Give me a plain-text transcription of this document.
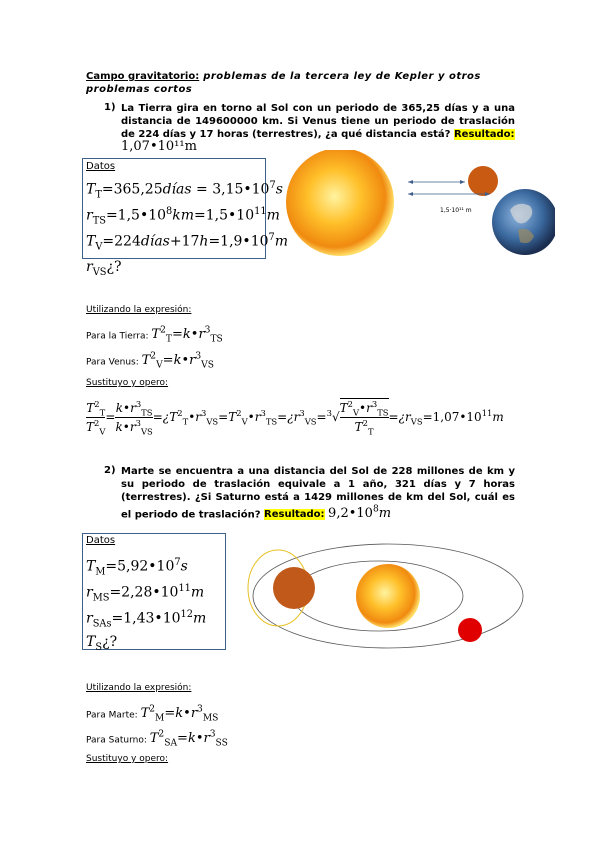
Campo gravitatorio: problemas de la tercera ley de Kepler y otros problemas cortos
1) La Tierra gira en torno al Sol con un periodo de 365,25 días y a una distancia de 149600000 km. Si Venus tiene un periodo de traslación de 224 días y 17 horas (terrestres), ¿a qué distancia está? Resultado:
1,07•10¹¹m
Datos
$T_T=365,25días$ = $3,15•10^7s$
$r_{TS}=1,5•10^8km=1,5•10^{11}m$
$T_V=224días+17h=1,9•10^7m$
$r_{VS}¿$?
1,5·10¹¹ m
Utilizando la expresión:
Para la Tierra: $T^2_T=k•r^3_{TS}$
Para Venus: $T^2_V=k•r^3_{VS}$
Sustituyo y opero:
$\frac{T^2_T}{T^2_V} = \frac{k•r^3_{TS}}{k•r^3_{VS}}$ $=¿T^2_T•r^3_{VS}=T^2_V•r^3_{TS}=¿r^3_{VS}=^3√ \frac{T^2_V•r^3_{TS}}{T^2_T}$ $=¿r_{VS}=1,07•10^{11}m$
2) Marte se encuentra a una distancia del Sol de 228 millones de km y su periodo de traslación equivale a 1 año, 321 días y 7 horas (terrestres). ¿Si Saturno está a 1429 millones de km del Sol, cuál es el periodo de traslación? Resultado: $9,2•10^8m$
Datos
$T_M=5,92•10^7s$
$r_{MS}=2,28•10^{11}m$
$r_{SAs}=1,43•10^{12}m$
$T_S¿$?
Utilizando la expresión:
Para Marte: $T^2_M=k•r^3_{MS}$
Para Saturno: $T^2_{SA}=k•r^3_{SS}$
Sustituyo y opero:
